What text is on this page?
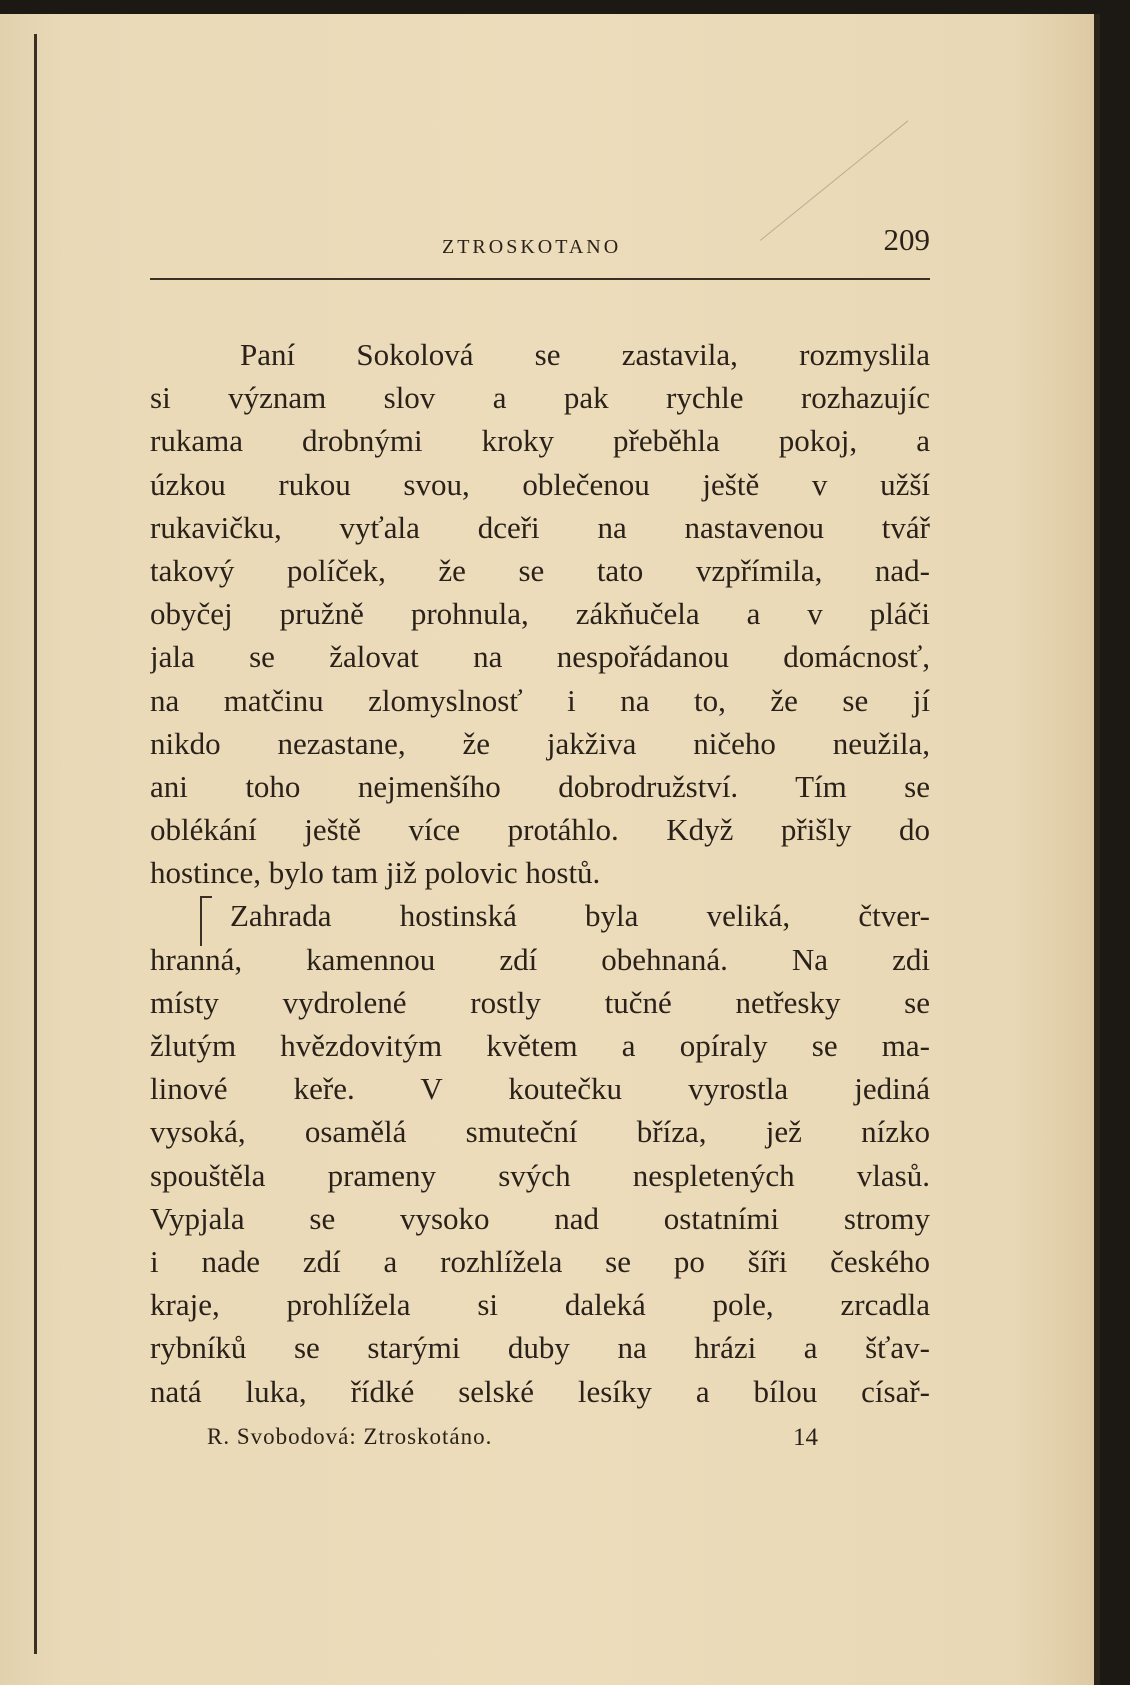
ZTROSKOTANO	209
Paní Sokolová se zastavila, rozmyslila
si význam slov a pak rychle rozhazujíc
rukama drobnými kroky přeběhla pokoj, a
úzkou rukou svou, oblečenou ještě v užší
rukavičku, vyťala dceři na nastavenou tvář
takový políček, že se tato vzpřímila, nad-
obyčej pružně prohnula, zákňučela a v pláči
jala se žalovat na nespořádanou domácnosť,
na matčinu zlomyslnosť i na to, že se jí
nikdo nezastane, že jakživa ničeho neužila,
ani toho nejmenšího dobrodružství. Tím se
oblékání ještě více protáhlo. Když přišly do
hostince, bylo tam již polovic hostů.
Zahrada hostinská byla veliká, čtver-
hranná, kamennou zdí obehnaná. Na zdi
místy vydrolené rostly tučné netřesky se
žlutým hvězdovitým květem a opíraly se ma-
linové keře. V koutečku vyrostla jediná
vysoká, osamělá smuteční bříza, jež nízko
spouštěla prameny svých nespletených vlasů.
Vypjala se vysoko nad ostatními stromy
i nade zdí a rozhlížela se po šíři českého
kraje, prohlížela si daleká pole, zrcadla
rybníků se starými duby na hrázi a šťav-
natá luka, řídké selské lesíky a bílou císař-
R. Svobodová: Ztroskotáno.	14
